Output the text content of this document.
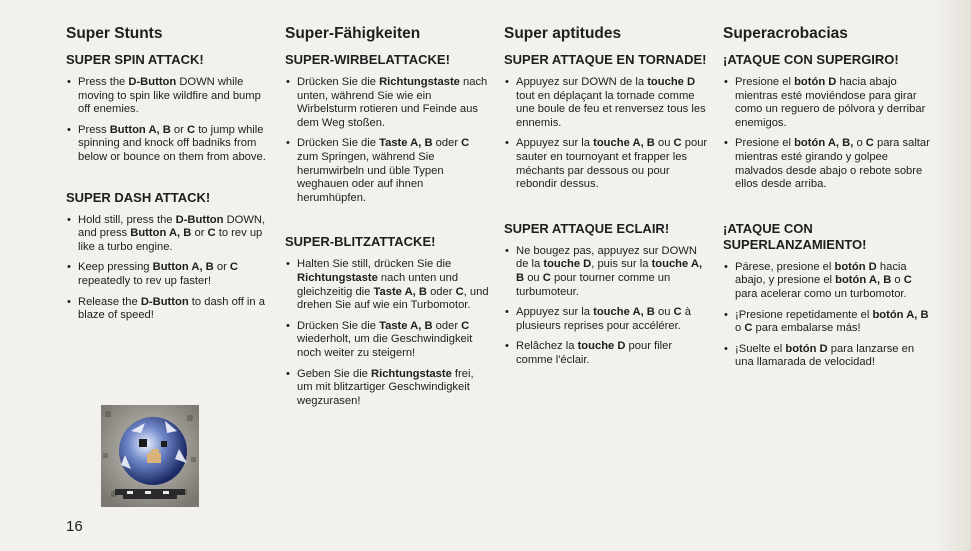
Super Stunts
SUPER SPIN ATTACK!
• Press the D-Button DOWN while moving to spin like wildfire and bump off enemies.
• Press Button A, B or C to jump while spinning and knock off badniks from below or bounce on them from above.
SUPER DASH ATTACK!
• Hold still, press the D-Button DOWN, and press Button A, B or C to rev up like a turbo engine.
• Keep pressing Button A, B or C repeatedly to rev up faster!
• Release the D-Button to dash off in a blaze of speed!
Super-Fähigkeiten
SUPER-WIRBELATTACKE!
• Drücken Sie die Richtungstaste nach unten, während Sie wie ein Wirbelsturm rotieren und Feinde aus dem Weg stoßen.
• Drücken Sie die Taste A, B oder C zum Springen, während Sie herumwirbeln und üble Typen weghauen oder auf ihnen herumhüpfen.
SUPER-BLITZATTACKE!
• Halten Sie still, drücken Sie die Richtungstaste nach unten und gleichzeitig die Taste A, B oder C, und drehen Sie auf wie ein Turbomotor.
• Drücken Sie die Taste A, B oder C wiederholt, um die Geschwindigkeit noch weiter zu steigern!
• Geben Sie die Richtungstaste frei, um mit blitzartiger Geschwindigkeit wegzurasen!
Super aptitudes
SUPER ATTAQUE EN TORNADE!
• Appuyez sur DOWN de la touche D tout en déplaçant la tornade comme une boule de feu et renversez tous les ennemis.
• Appuyez sur la touche A, B ou C pour sauter en tournoyant et frapper les méchants par dessous ou pour rebondir dessus.
SUPER ATTAQUE ECLAIR!
• Ne bougez pas, appuyez sur DOWN de la touche D, puis sur la touche A, B ou C pour tourner comme un turbumoteur.
• Appuyez sur la touche A, B ou C à plusieurs reprises pour accélérer.
• Relâchez la touche D pour filer comme l'éclair.
Superacrobacias
¡ATAQUE CON SUPERGIRO!
• Presione el botón D hacia abajo mientras esté moviéndose para girar como un reguero de pólvora y derribar enemigos.
• Presione el botón A, B, o C para saltar mientras esté girando y golpee malvados desde abajo o rebote sobre ellos desde arriba.
¡ATAQUE CON SUPERLANZAMIENTO!
• Párese, presione el botón D hacia abajo, y presione el botón A, B o C para acelerar como un turbomotor.
• ¡Presione repetidamente el botón A, B o C para embalarse más!
• ¡Suelte el botón D para lanzarse en una llamarada de velocidad!
16
